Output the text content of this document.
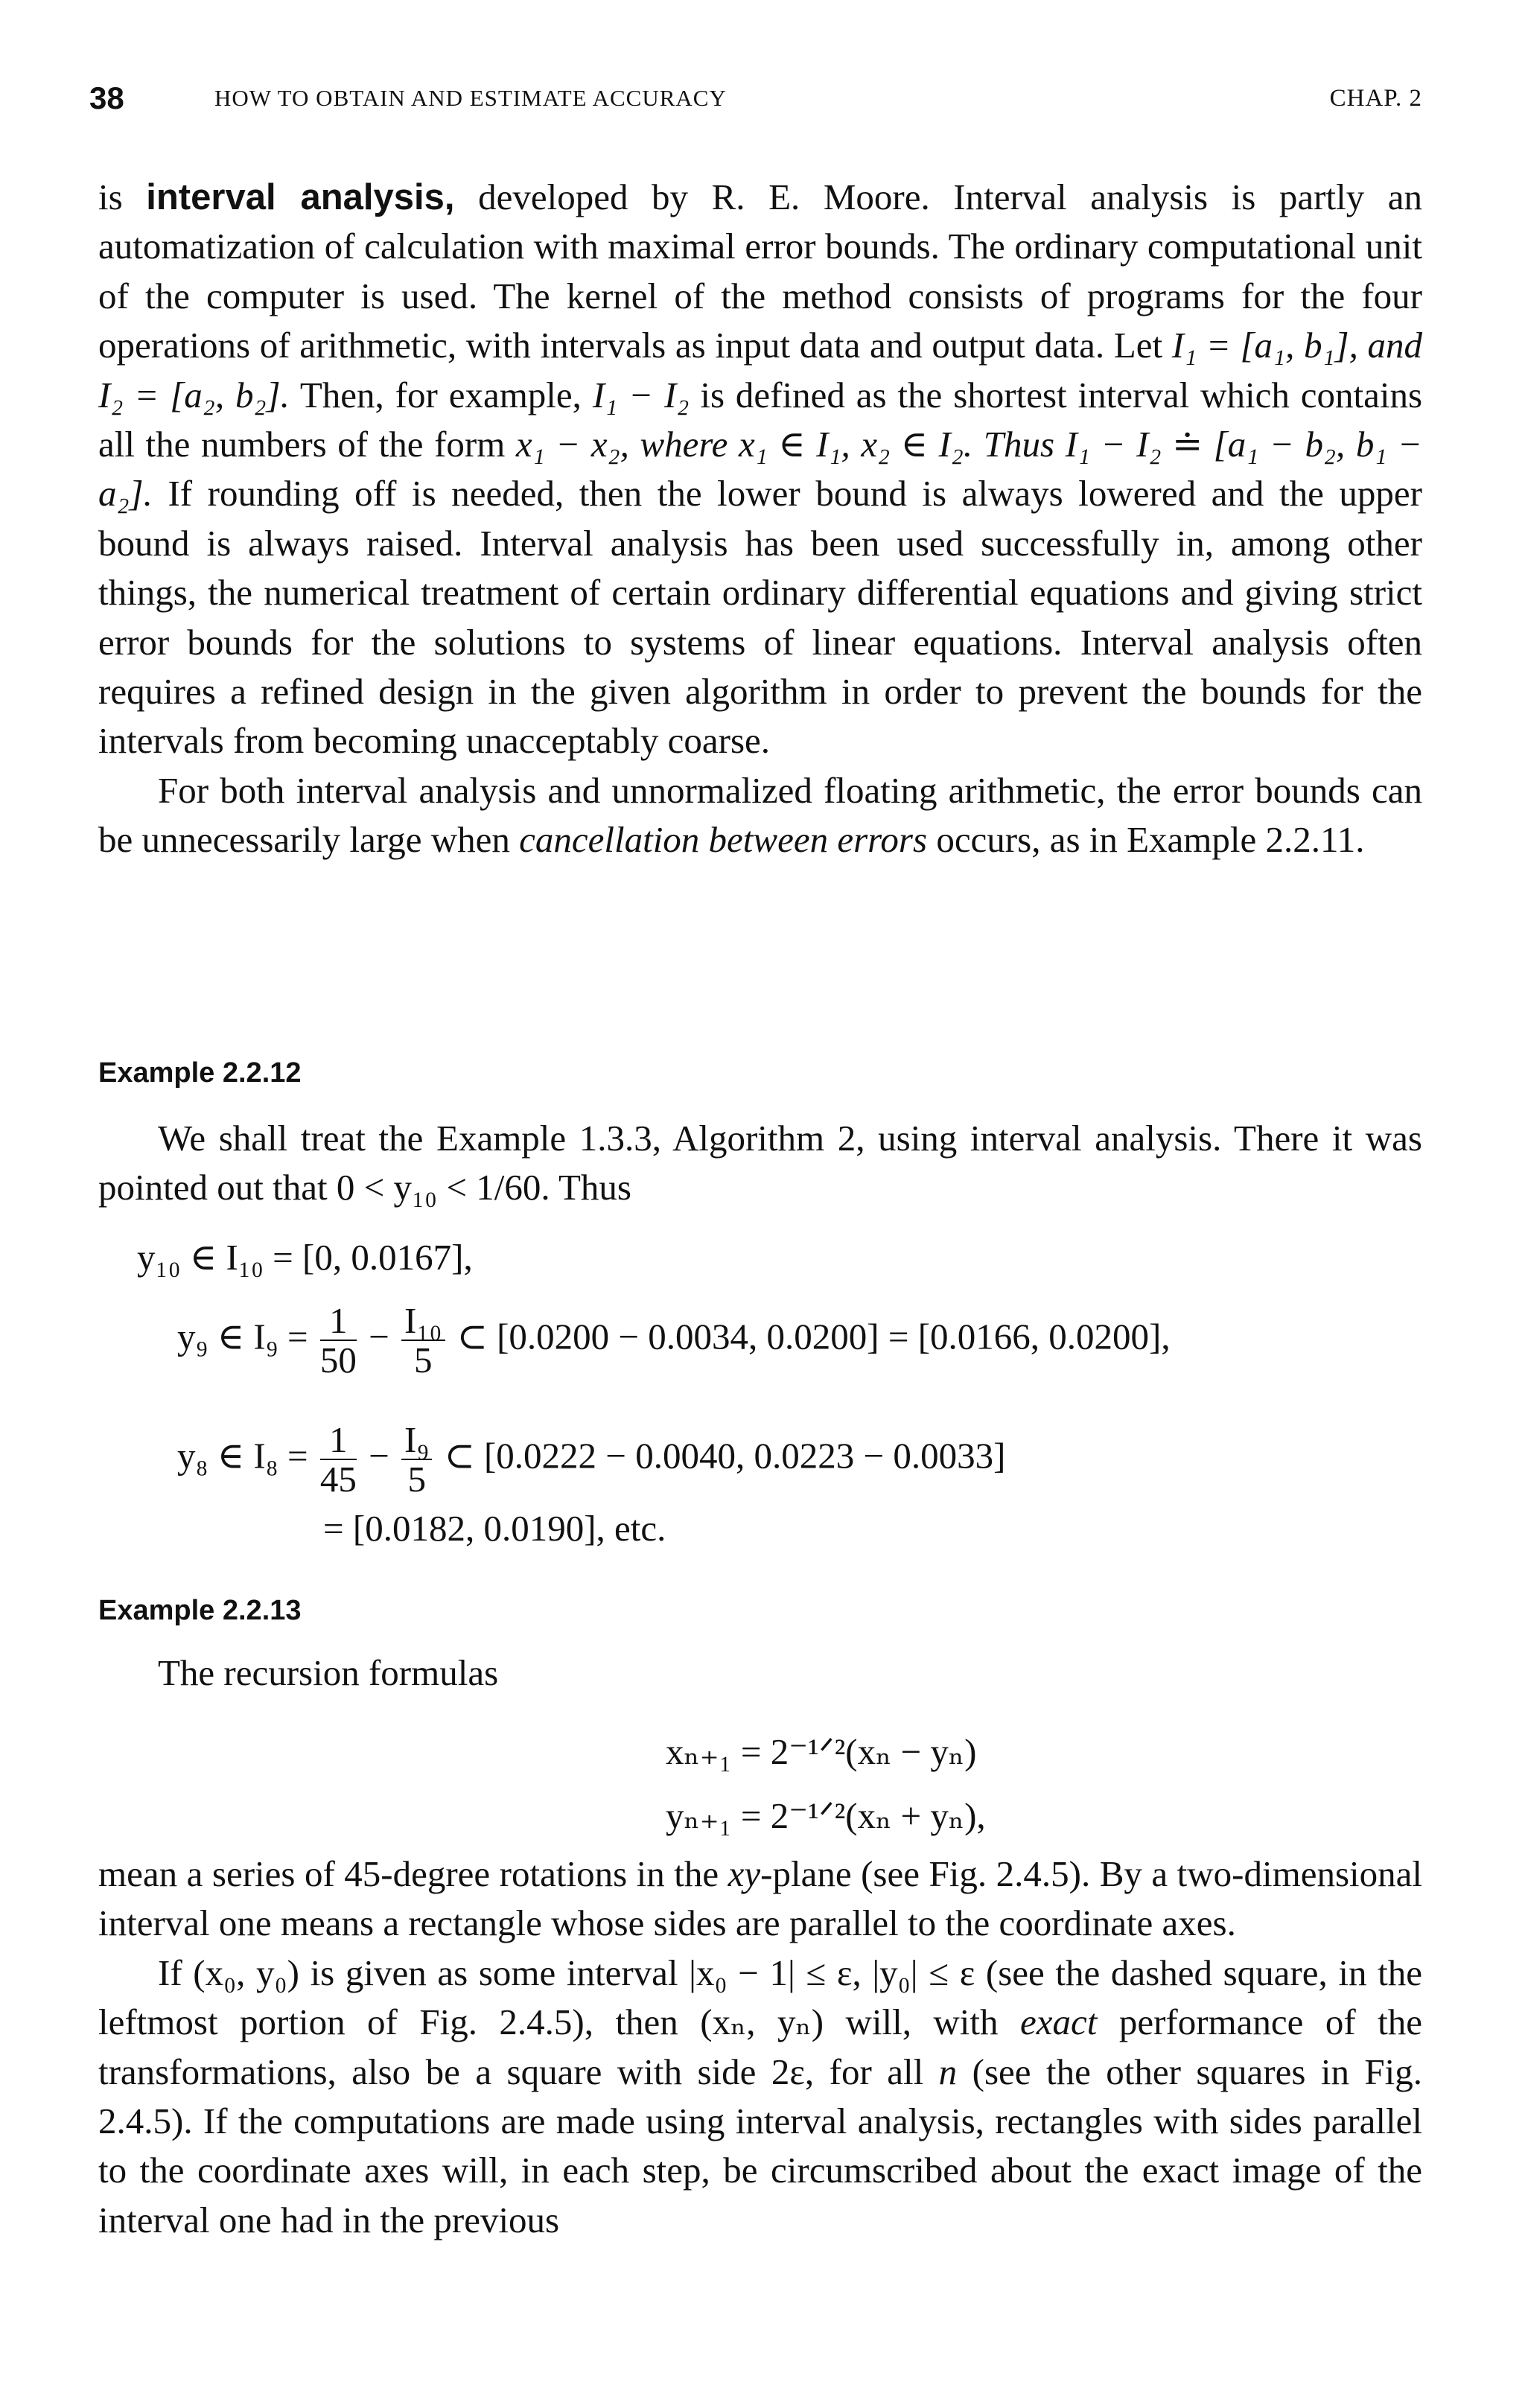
38	HOW TO OBTAIN AND ESTIMATE ACCURACY	CHAP. 2

is interval analysis, developed by R. E. Moore. Interval analysis is partly an automatization of calculation with maximal error bounds. The ordinary computational unit of the computer is used. The kernel of the method consists of programs for the four operations of arithmetic, with intervals as input data and output data. Let I₁ = [a₁, b₁], and I₂ = [a₂, b₂]. Then, for example, I₁ − I₂ is defined as the shortest interval which contains all the numbers of the form x₁ − x₂, where x₁ ∈ I₁, x₂ ∈ I₂. Thus I₁ − I₂ ≐ [a₁ − b₂, b₁ − a₂]. If rounding off is needed, then the lower bound is always lowered and the upper bound is always raised. Interval analysis has been used successfully in, among other things, the numerical treatment of certain ordinary differential equations and giving strict error bounds for the solutions to systems of linear equations. Interval analysis often requires a refined design in the given algorithm in order to prevent the bounds for the intervals from becoming unacceptably coarse.

For both interval analysis and unnormalized floating arithmetic, the error bounds can be unnecessarily large when cancellation between errors occurs, as in Example 2.2.11.

Example 2.2.12

We shall treat the Example 1.3.3, Algorithm 2, using interval analysis. There it was pointed out that 0 < y₁₀ < 1/60. Thus

y₁₀ ∈ I₁₀ = [0, 0.0167],
y₉ ∈ $I_9 = \frac{1}{50} - \frac{\text{I₁₀}}{5}$ ⊂ [0.0200 − 0.0034, 0.0200] = [0.0166, 0.0200],
y₈ ∈ $I_8 = \frac{1}{45} - \frac{\text{I₉}}{5}$ ⊂ [0.0222 − 0.0040, 0.0223 − 0.0033]
= [0.0182, 0.0190], etc.
Example 2.2.13
The recursion formulas
xₙ₊₁ = 2⁻¹ᐟ²(xₙ − yₙ)
yₙ₊₁ = 2⁻¹ᐟ²(xₙ + yₙ),

mean a series of 45-degree rotations in the xy-plane (see Fig. 2.4.5). By a two-dimensional interval one means a rectangle whose sides are parallel to the coordinate axes.

If (x₀, y₀) is given as some interval |x₀ − 1| ≤ ε, |y₀| ≤ ε (see the dashed square, in the leftmost portion of Fig. 2.4.5), then (xₙ, yₙ) will, with exact performance of the transformations, also be a square with side 2ε, for all n (see the other squares in Fig. 2.4.5). If the computations are made using interval analysis, rectangles with sides parallel to the coordinate axes will, in each step, be circumscribed about the exact image of the interval one had in the previous
